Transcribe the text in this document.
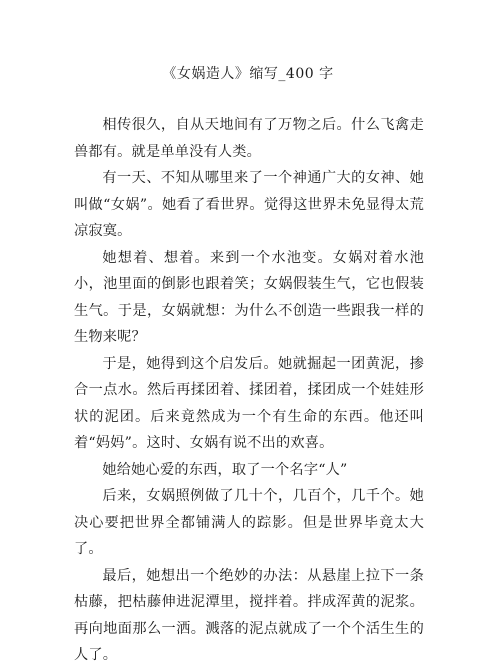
《女娲造人》缩写_400 字

相传很久，自从天地间有了万物之后。什么飞禽走兽都有。就是单单没有人类。

有一天、不知从哪里来了一个神通广大的女神、她叫做“女娲”。她看了看世界。觉得这世界未免显得太荒凉寂寞。

她想着、想着。来到一个水池变。女娲对着水池小，池里面的倒影也跟着笑；女娲假装生气，它也假装生气。于是，女娲就想：为什么不创造一些跟我一样的生物来呢？

于是，她得到这个启发后。她就掘起一团黄泥，掺合一点水。然后再揉团着、揉团着，揉团成一个娃娃形状的泥团。后来竟然成为一个有生命的东西。他还叫着“妈妈”。这时、女娲有说不出的欢喜。

她给她心爱的东西，取了一个名字“人”

后来，女娲照例做了几十个，几百个，几千个。她决心要把世界全都铺满人的踪影。但是世界毕竟太大了。

最后，她想出一个绝妙的办法：从悬崖上拉下一条枯藤，把枯藤伸进泥潭里，搅拌着。拌成浑黄的泥浆。再向地面那么一洒。溅落的泥点就成了一个个活生生的人了。
